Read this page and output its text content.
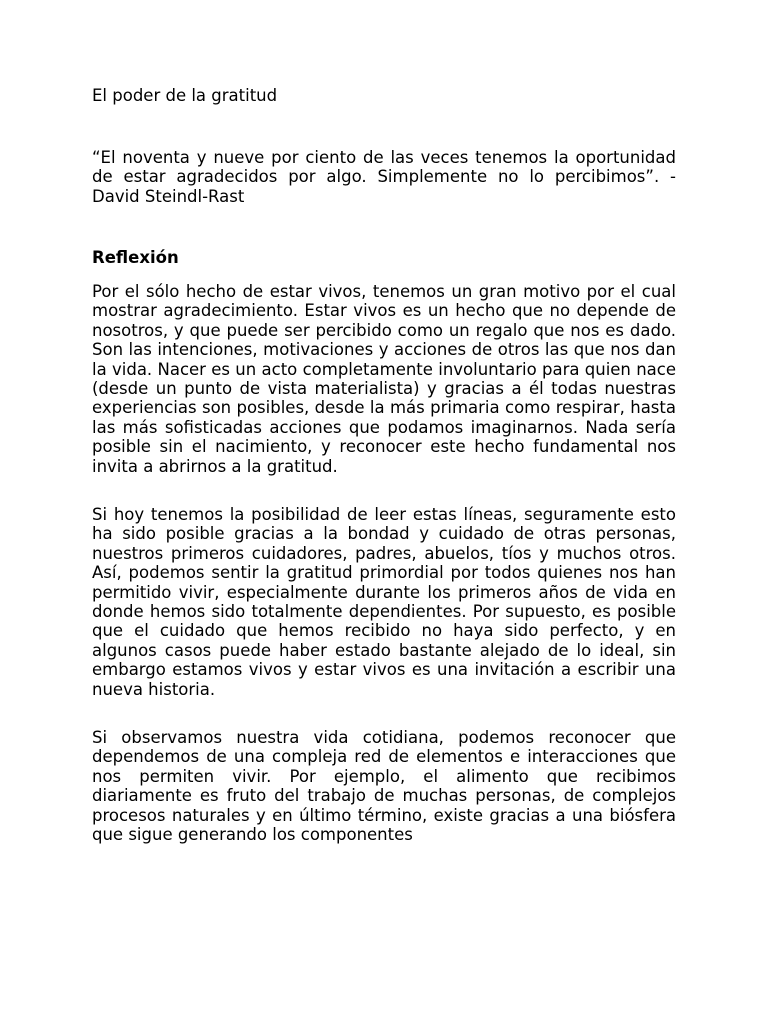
El poder de la gratitud

“El noventa y nueve por ciento de las veces tenemos la oportunidad de estar agradecidos por algo. Simplemente no lo percibimos”. - David Steindl-Rast

Reflexión

Por el sólo hecho de estar vivos, tenemos un gran motivo por el cual mostrar agradecimiento. Estar vivos es un hecho que no depende de nosotros, y que puede ser percibido como un regalo que nos es dado. Son las intenciones, motivaciones y acciones de otros las que nos dan la vida. Nacer es un acto completamente involuntario para quien nace (desde un punto de vista materialista) y gracias a él todas nuestras experiencias son posibles, desde la más primaria como respirar, hasta las más sofisticadas acciones que podamos imaginarnos. Nada sería posible sin el nacimiento, y reconocer este hecho fundamental nos invita a abrirnos a la gratitud.

Si hoy tenemos la posibilidad de leer estas líneas, seguramente esto ha sido posible gracias a la bondad y cuidado de otras personas, nuestros primeros cuidadores, padres, abuelos, tíos y muchos otros. Así, podemos sentir la gratitud primordial por todos quienes nos han permitido vivir, especialmente durante los primeros años de vida en donde hemos sido totalmente dependientes. Por supuesto, es posible que el cuidado que hemos recibido no haya sido perfecto, y en algunos casos puede haber estado bastante alejado de lo ideal, sin embargo estamos vivos y estar vivos es una invitación a escribir una nueva historia.

Si observamos nuestra vida cotidiana, podemos reconocer que dependemos de una compleja red de elementos e interacciones que nos permiten vivir. Por ejemplo, el alimento que recibimos diariamente es fruto del trabajo de muchas personas, de complejos procesos naturales y en último término, existe gracias a una biósfera que sigue generando los componentes
